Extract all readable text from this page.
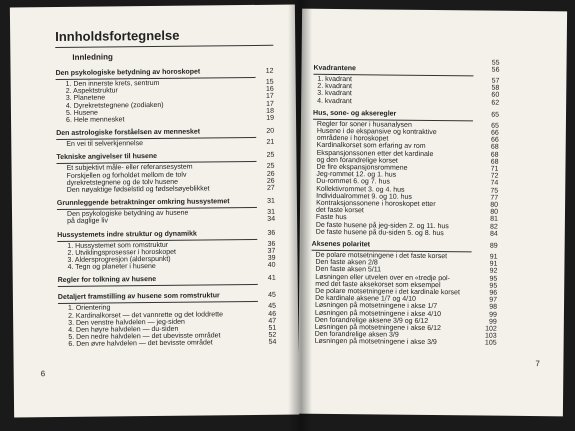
Innholdsfortegnelse
Innledning
6
Den psykologiske betydning av horoskopet	12
1. Den innerste krets, sentrum	15
2. Aspektstruktur	16
3. Planetene	17
4. Dyrekretstegnene (zodiaken)	17
5. Husene	18
6. Hele mennesket	19
Den astrologiske forståelsen av mennesket	20
En vei til selverkjennelse	21
Tekniske angivelser til husene	25
Et subjektivt måle- eller referansesystem	25
Forskjellen og forholdet mellom de tolv	26
dyrekretstegnene og de tolv husene	26
Den nøyaktige fødselstid og fødselsøyeblikket	27
Grunnleggende betraktninger omkring hussystemet	31
Den psykologiske betydning av husene	31
på daglige liv	34
Hussystemets indre struktur og dynamikk	36
1. Hussystemet som romstruktur	36
2. Utviklingsprosesser i horoskopet	37
3. Aldersprogresjon (alderspunkt)	39
4. Tegn og planeter i husene	40
Regler for tolkning av husene	41
Detaljert framstilling av husene som romstruktur	45
1. Orientering	45
2. Kardinalkorset — det vannrette og det loddrette	46
3. Den venstre halvdelen — jeg-siden	47
4. Den høyre halvdelen — du-siden	51
5. Den nedre halvdelen — det ubevisste området	52
6. Den øvre halvdelen — det bevisste området	54
55
7
Kvadrantene	56
1. kvadrant	57
2. kvadrant	58
3. kvadrant	60
4. kvadrant	62
Hus, sone- og akseregler	65
Regler for soner i husanalysen	65
Husene i de ekspansive og kontraktive	66
områdene i horoskopet	66
Kardinalkorset som erfaring av rom	68
Ekspansjonssonen etter det kardinale	68
og den forandrelige korset	68
De fire ekspansjonsrommene	71
Jeg-rommet 12. og 1. hus	72
Du-rommet 6. og 7. hus	74
Kollektivrommet 3. og 4. hus	75
Individualrommet 9. og 10. hus	77
Kontraksjonssonene i horoskopet etter	80
det faste korset	80
Faste hus	81
De faste husene på jeg-siden 2. og 11. hus	82
De faste husene på du-siden 5. og 8. hus	84
Aksenes polaritet	89
De polare motsetningene i det faste korset	91
Den faste aksen 2/8	91
Den faste aksen 5/11	92
Løsningen eller utvelen over en «tredje pol-	95
med det faste aksekorset som eksempel	95
De polare motsetningene i det kardinale korset	96
De kardinale aksene 1/7 og 4/10	97
Løsningen på motsetningene i akse 1/7	98
Løsningen på motsetningene i akse 4/10	99
Den forandrelige aksene 3/9 og 6/12	99
Løsningen på motsetningene i akse 6/12	102
Den forandrelige aksen 3/9	103
Løsningen på motsetningene i akse 3/9	105
